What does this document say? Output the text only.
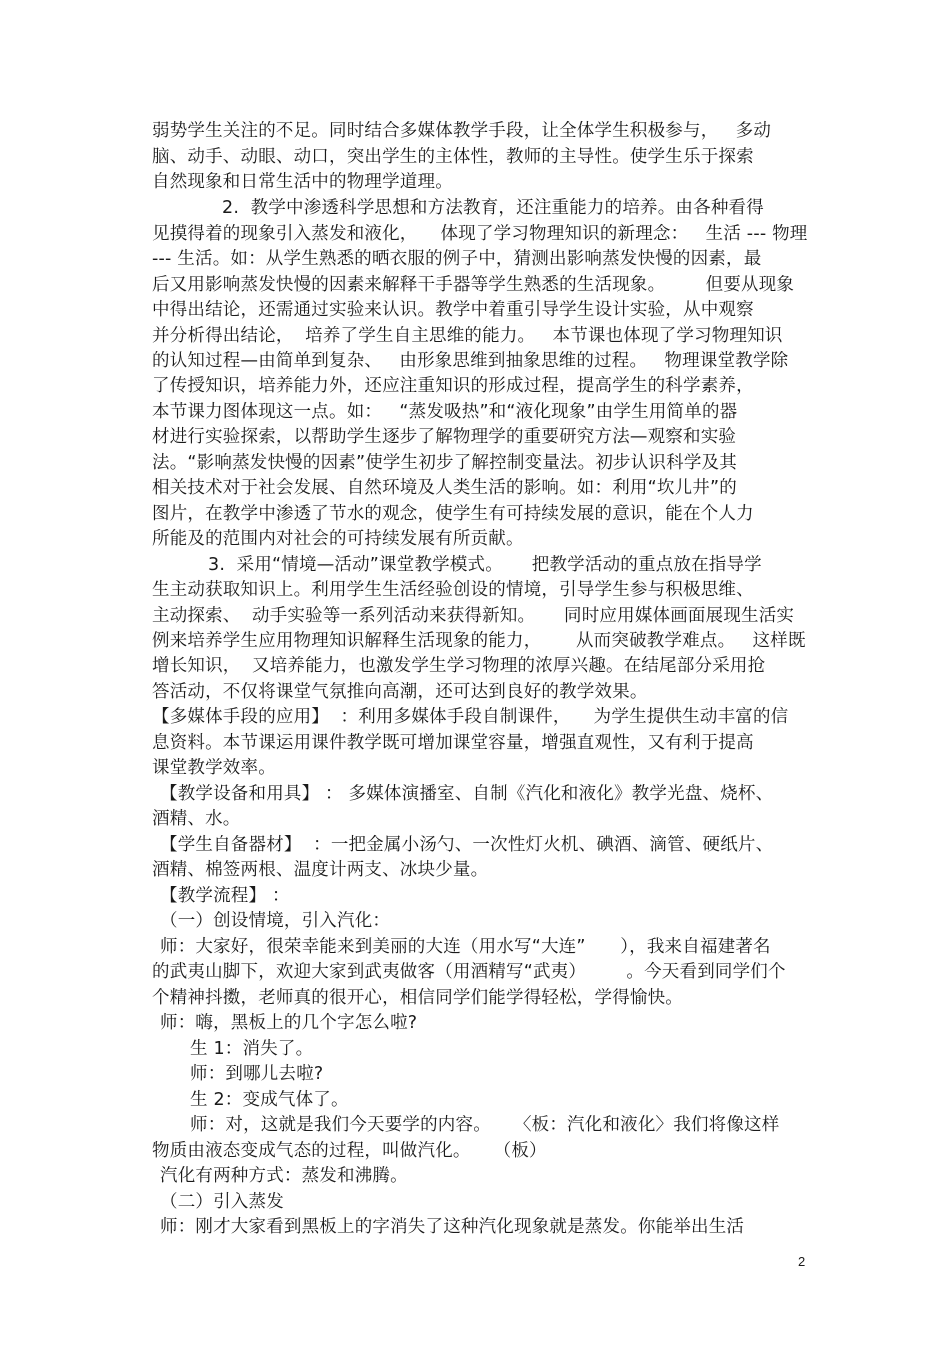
弱势学生关注的不足。同时结合多媒体教学手段，让全体学生积极参与，   多动

脑、动手、动眼、动口，突出学生的主体性，教师的主导性。使学生乐于探索

自然现象和日常生活中的物理学道理。

2.  教学中渗透科学思想和方法教育，还注重能力的培养。由各种看得

见摸得着的现象引入蒸发和液化，    体现了学习物理知识的新理念：   生活 --- 物理

--- 生活。如：从学生熟悉的晒衣服的例子中，猜测出影响蒸发快慢的因素，最

后又用影响蒸发快慢的因素来解释干手器等学生熟悉的生活现象。       但要从现象

中得出结论，还需通过实验来认识。教学中着重引导学生设计实验，从中观察

并分析得出结论，  培养了学生自主思维的能力。   本节课也体现了学习物理知识

的认知过程—由简单到复杂、   由形象思维到抽象思维的过程。   物理课堂教学除

了传授知识，培养能力外，还应注重知识的形成过程，提高学生的科学素养，

本节课力图体现这一点。如：   “蒸发吸热”和“液化现象”由学生用简单的器

材进行实验探索，以帮助学生逐步了解物理学的重要研究方法—观察和实验

法。“影响蒸发快慢的因素”使学生初步了解控制变量法。初步认识科学及其

相关技术对于社会发展、自然环境及人类生活的影响。如：利用“坎儿井”的

图片，在教学中渗透了节水的观念，使学生有可持续发展的意识，能在个人力

所能及的范围内对社会的可持续发展有所贡献。

3.  采用“情境—活动”课堂教学模式。     把教学活动的重点放在指导学

生主动获取知识上。利用学生生活经验创设的情境，引导学生参与积极思维、

主动探索、  动手实验等一系列活动来获得新知。     同时应用媒体画面展现生活实

例来培养学生应用物理知识解释生活现象的能力，      从而突破教学难点。   这样既

增长知识，  又培养能力，也激发学生学习物理的浓厚兴趣。在结尾部分采用抢

答活动，不仅将课堂气氛推向高潮，还可达到良好的教学效果。

【多媒体手段的应用】  ：利用多媒体手段自制课件，    为学生提供生动丰富的信

息资料。本节课运用课件教学既可增加课堂容量，增强直观性，又有利于提高

课堂教学效率。

【教学设备和用具】 ： 多媒体演播室、自制《汽化和液化》教学光盘、烧杯、

酒精、水。

【学生自备器材】  ：一把金属小汤勺、一次性灯火机、碘酒、滴管、硬纸片、

酒精、棉签两根、温度计两支、冰块少量。

【教学流程】 ：

（一）创设情境，引入汽化：

师：大家好，很荣幸能来到美丽的大连（用水写“大连”      ），我来自福建著名

的武夷山脚下，欢迎大家到武夷做客（用酒精写“武夷）       。今天看到同学们个

个精神抖擞，老师真的很开心，相信同学们能学得轻松，学得愉快。

师：嗨，黑板上的几个字怎么啦?

生 1：消失了。

师：到哪儿去啦?

生 2：变成气体了。

师：对，这就是我们今天要学的内容。    〈板：汽化和液化〉我们将像这样

物质由液态变成气态的过程，叫做汽化。    （板）

汽化有两种方式：蒸发和沸腾。

（二）引入蒸发

师：刚才大家看到黑板上的字消失了这种汽化现象就是蒸发。你能举出生活

2
